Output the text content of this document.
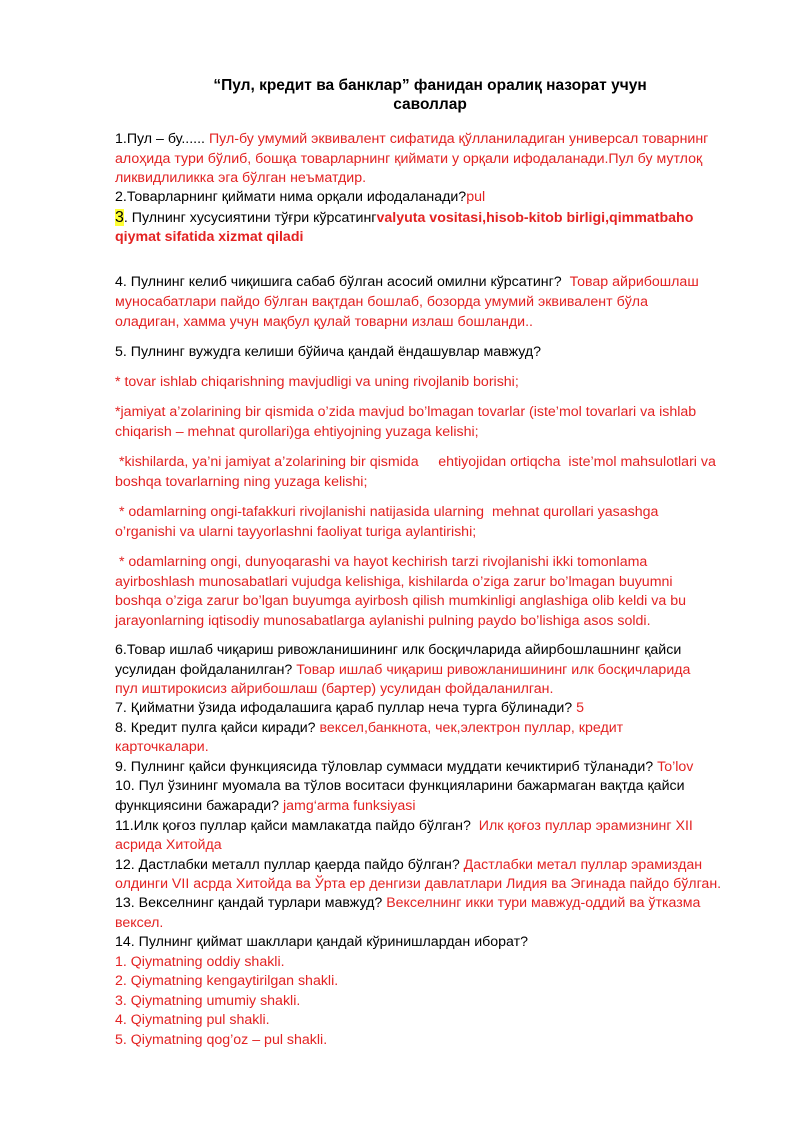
“Пул, кредит ва банклар” фанидан оралиқ назорат учун
саволлар
1.Пул – бу...... Пул-бу умумий эквивалент сифатида қўлланиладиган универсал товарнинг
алоҳида тури бўлиб, бошқа товарларнинг қиймати у орқали ифодаланади.Пул бу мутлоқ
ликвидлиликка эга бўлган неъматдир.
2.Товарларнинг қиймати нима орқали ифодаланади?pul
3. Пулнинг хусусиятини тўғри кўрсатингvalyuta vositasi,hisob-kitob birligi,qimmatbaho
qiymat sifatida xizmat qiladi
4. Пулнинг келиб чиқишига сабаб бўлган асосий омилни кўрсатинг? Товар айрибошлаш
муносабатлари пайдо бўлган вақтдан бошлаб, бозорда умумий эквивалент бўла
оладиган, хамма учун мақбул қулай товарни излаш бошланди..
5. Пулнинг вужудга келиши бўйича қандай ёндашувлар мавжуд?
* tovar ishlab chiqarishning mavjudligi va uning rivojlanib borishi;
*jamiyat a’zolarining bir qismida o’zida mavjud bo’lmagan tovarlar (iste’mol tovarlari va ishlab
chiqarish – mehnat qurollari)ga ehtiyojning yuzaga kelishi;
*kishilarda, ya’ni jamiyat a’zolarining bir qismida     ehtiyojidan ortiqcha  iste’mol mahsulotlari va
boshqa tovarlarning ning yuzaga kelishi;
* odamlarning ongi-tafakkuri rivojlanishi natijasida ularning  mehnat qurollari yasashga
o’rganishi va ularni tayyorlashni faoliyat turiga aylantirishi;
* odamlarning ongi, dunyoqarashi va hayot kechirish tarzi rivojlanishi ikki tomonlama
ayirboshlash munosabatlari vujudga kelishiga, kishilarda o’ziga zarur bo’lmagan buyumni
boshqa o’ziga zarur bo’lgan buyumga ayirbosh qilish mumkinligi anglashiga olib keldi va bu
jarayonlarning iqtisodiy munosabatlarga aylanishi pulning paydo bo’lishiga asos soldi.
6.Товар ишлаб чиқариш ривожланишининг илк босқичларида айирбошлашнинг қайси
усулидан фойдаланилган? Товар ишлаб чиқариш ривожланишининг илк босқичларида
пул иштирокисиз айрибошлаш (бартер) усулидан фойдаланилган.
7. Қийматни ўзида ифодалашига қараб пуллар неча турга бўлинади? 5
8. Кредит пулга қайси киради? вексел,банкнота, чек,электрон пуллар, кредит
карточкалари.
9. Пулнинг қайси функциясида тўловлар суммаси муддати кечиктириб тўланади? To’lov
10. Пул ўзининг муомала ва тўлов воситаси функцияларини бажармаган вақтда қайси
функциясини бажаради? jamg‘arma funksiyasi
11.Илк қоғоз пуллар қайси мамлакатда пайдо бўлган? Илк қоғоз пуллар эрамизнинг XII
асрида Хитойда
12. Дастлабки металл пуллар қаерда пайдо бўлган? Дастлабки метал пуллар эрамиздан
олдинги VII асрда Хитойда ва Ўрта ер денгизи давлатлари Лидия ва Эгинада пайдо бўлган.
13. Векселнинг қандай турлари мавжуд? Векселнинг икки тури мавжуд-оддий ва ўтказма
вексел.
14. Пулнинг қиймат шакллари қандай кўринишлардан иборат?
1. Qiymatning oddiy shakli.
2. Qiymatning kengaytirilgan shakli.
3. Qiymatning umumiy shakli.
4. Qiymatning pul shakli.
5. Qiymatning qog’oz – pul shakli.
